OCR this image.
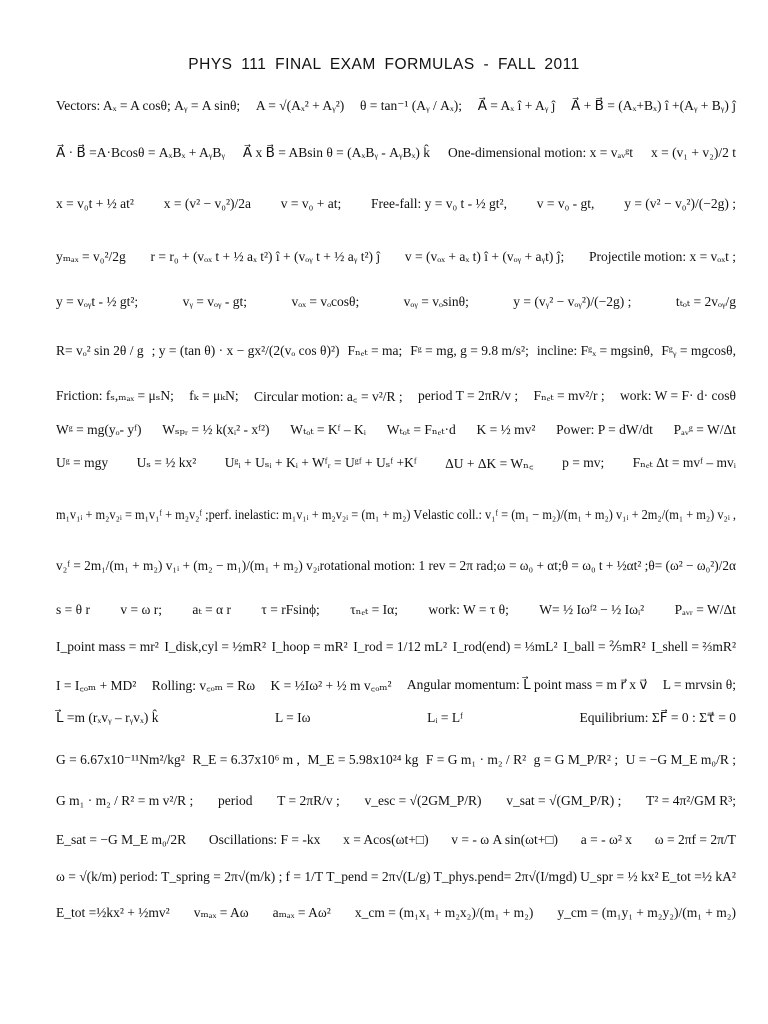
PHYS 111 FINAL EXAM FORMULAS - FALL 2011
Vectors: Aₓ = A cosθ; Aᵧ = A sinθ; A = √(Aₓ² + Aᵧ²) θ = tan⁻¹ (Aᵧ / Aₓ); A⃗ = Aₓ î + Aᵧ ĵ A⃗ + B⃗ = (Aₓ+Bₓ) î +(Aᵧ + Bᵧ) ĵ
A⃗ · B⃗ =A·Bcosθ = AₓBₓ + AᵧBᵧ A⃗ x B⃗ = ABsin θ = (AₓBᵧ - AᵧBₓ) k̂ One-dimensional motion: x = vₐᵥᵍt x = (v₁ + v₂)/2 t
x = v₀t + ½ at² x = (v² − v₀²)/2a v = v₀ + at; Free-fall: y = v₀ t - ½ gt², v = v₀ - gt, y = (v² − v₀²)/(−2g) ;
yₘₐₓ = v₀²/2g r = r₀ + (vₒₓ t + ½ aₓ t²) î + (vₒᵧ t + ½ aᵧ t²) ĵ v = (vₒₓ + aₓ t) î + (vₒᵧ + aᵧt) ĵ; Projectile motion: x = vₒₓt ;
y = vₒᵧt - ½ gt²;	vᵧ = vₒᵧ - gt;	vₒₓ = vₒcosθ;	vₒᵧ = vₒsinθ;	y = (vᵧ² − vₒᵧ²)/(−2g) ;	tₜₒₜ = 2vₒᵧ/g
R= vₒ² sin 2θ / g ; y = (tan θ) · x − gx²/(2(vₒ cos θ)²) Fₙₑₜ = ma; Fᵍ = mg, g = 9.8 m/s²; incline: Fᵍₓ = mgsinθ, Fᵍᵧ = mgcosθ,
Friction: fₛ,ₘₐₓ = μₛN; fₖ = μₖN; Circular motion: a꜀ = v²/R ; period T = 2πR/v ; Fₙₑₜ = mv²/r ; work: W = F· d· cosθ
Wᵍ = mg(yₒ- yᶠ) Wₛₚᵣ = ½ k(xᵢ² - xᶠ²) Wₜₒₜ = Kᶠ – Kᵢ Wₜₒₜ = Fₙₑₜ·d K = ½ mv² Power: P = dW/dt Pₐᵥᵍ = W/Δt
Uᵍ = mgy Uₛ = ½ kx² Uᵍᵢ + Uₛᵢ + Kᵢ + Wᶠᵣ = Uᵍᶠ + Uₛᶠ +Kᶠ ΔU + ΔK = Wₙ꜀ p = mv; Fₙₑₜ Δt = mvᶠ – mvᵢ
m₁v₁ᵢ + m₂v₂ᵢ = m₁v₁ᶠ + m₂v₂ᶠ ; perf. inelastic: m₁v₁ᵢ + m₂v₂ᵢ = (m₁ + m₂) V elastic coll.: v₁ᶠ = (m₁ − m₂)/(m₁ + m₂) v₁ᵢ + 2m₂/(m₁ + m₂) v₂ᵢ ,
v₂ᶠ = 2m₁/(m₁ + m₂) v₁ᵢ + (m₂ − m₁)/(m₁ + m₂) v₂ᵢ rotational motion: 1 rev = 2π rad; ω = ω₀ + αt; θ = ω₀ t + ½αt² ; θ= (ω² − ω₀²)/2α
s = θ r v = ω r; aₜ = α r τ = rFsinϕ; τₙₑₜ = Iα; work: W = τ θ; W= ½ Iωᶠ² − ½ Iωᵢ² Pₐᵥᵣ = W/Δt
I_point mass = mr² I_disk,cyl = ½mR² I_hoop = mR² I_rod = 1/12 mL² I_rod(end) = ⅓mL² I_ball = ⅖mR² I_shell = ⅔mR²
I = I꜀ₒₘ + MD² Rolling: v꜀ₒₘ = Rω K = ½Iω² + ½ m v꜀ₒₘ² Angular momentum: L⃗ point mass = m r⃗ x v⃗ L = mrvsin θ;
L⃗ =m (rₓvᵧ – rᵧvₓ) k̂	L = Iω	Lᵢ = Lᶠ	Equilibrium: ΣF⃗ = 0 : Στ⃗ = 0
G = 6.67x10⁻¹¹Nm²/kg² R_E = 6.37x10⁶ m , M_E = 5.98x10²⁴ kg F = G m₁ · m₂ / R² g = G M_P/R² ; U = −G M_E m₀/R ;
G m₁ · m₂ / R² = m v²/R ; period T = 2πR/v ; v_esc = √(2GM_P/R) v_sat = √(GM_P/R) ; T² = 4π²/GM R³;
E_sat = −G M_E m₀/2R Oscillations: F = -kx x = Acos(ωt+□) v = - ω A sin(ωt+□) a = - ω² x ω = 2πf = 2π/T
ω = √(k/m) period: T_spring = 2π√(m/k) ; f = 1/T T_pend = 2π√(L/g) T_phys.pend= 2π√(I/mgd) U_spr = ½ kx² E_tot =½ kA²
E_tot =½kx² + ½mv² vₘₐₓ = Aω aₘₐₓ = Aω² x_cm = (m₁x₁ + m₂x₂)/(m₁ + m₂) y_cm = (m₁y₁ + m₂y₂)/(m₁ + m₂)
